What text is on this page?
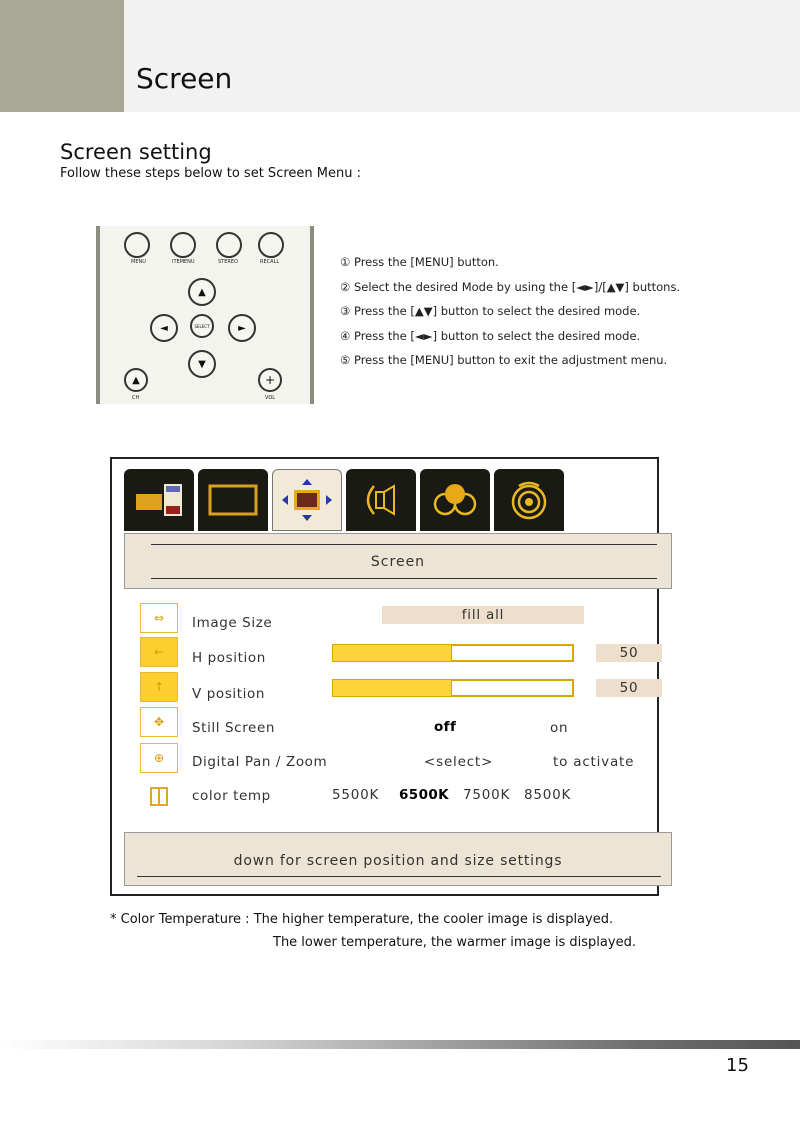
Screen
Screen setting
Follow these steps below to set Screen Menu :
MENU	ITEMENU	STEREO	RECALL
▲
◄	SELECT	►
▼
▲	+
CH	VOL
① Press the [MENU] button.
② Select the desired Mode by using the [◄►]/[▲▼] buttons.
③ Press the [▲▼] button to select the desired mode.
④ Press the [◄►] button to select the desired mode.
⑤ Press the [MENU] button to exit the adjustment menu.
Screen
⇔	Image Size	fill all
←	H position	50
↑	V position	50
✥	Still Screen	off	on
⊕	Digital Pan / Zoom	<select>	to activate
color temp	5500K 6500K 7500K 8500K
down for screen position and size settings
* Color Temperature : The higher temperature, the cooler image is displayed.
The lower temperature, the warmer image is displayed.
15
